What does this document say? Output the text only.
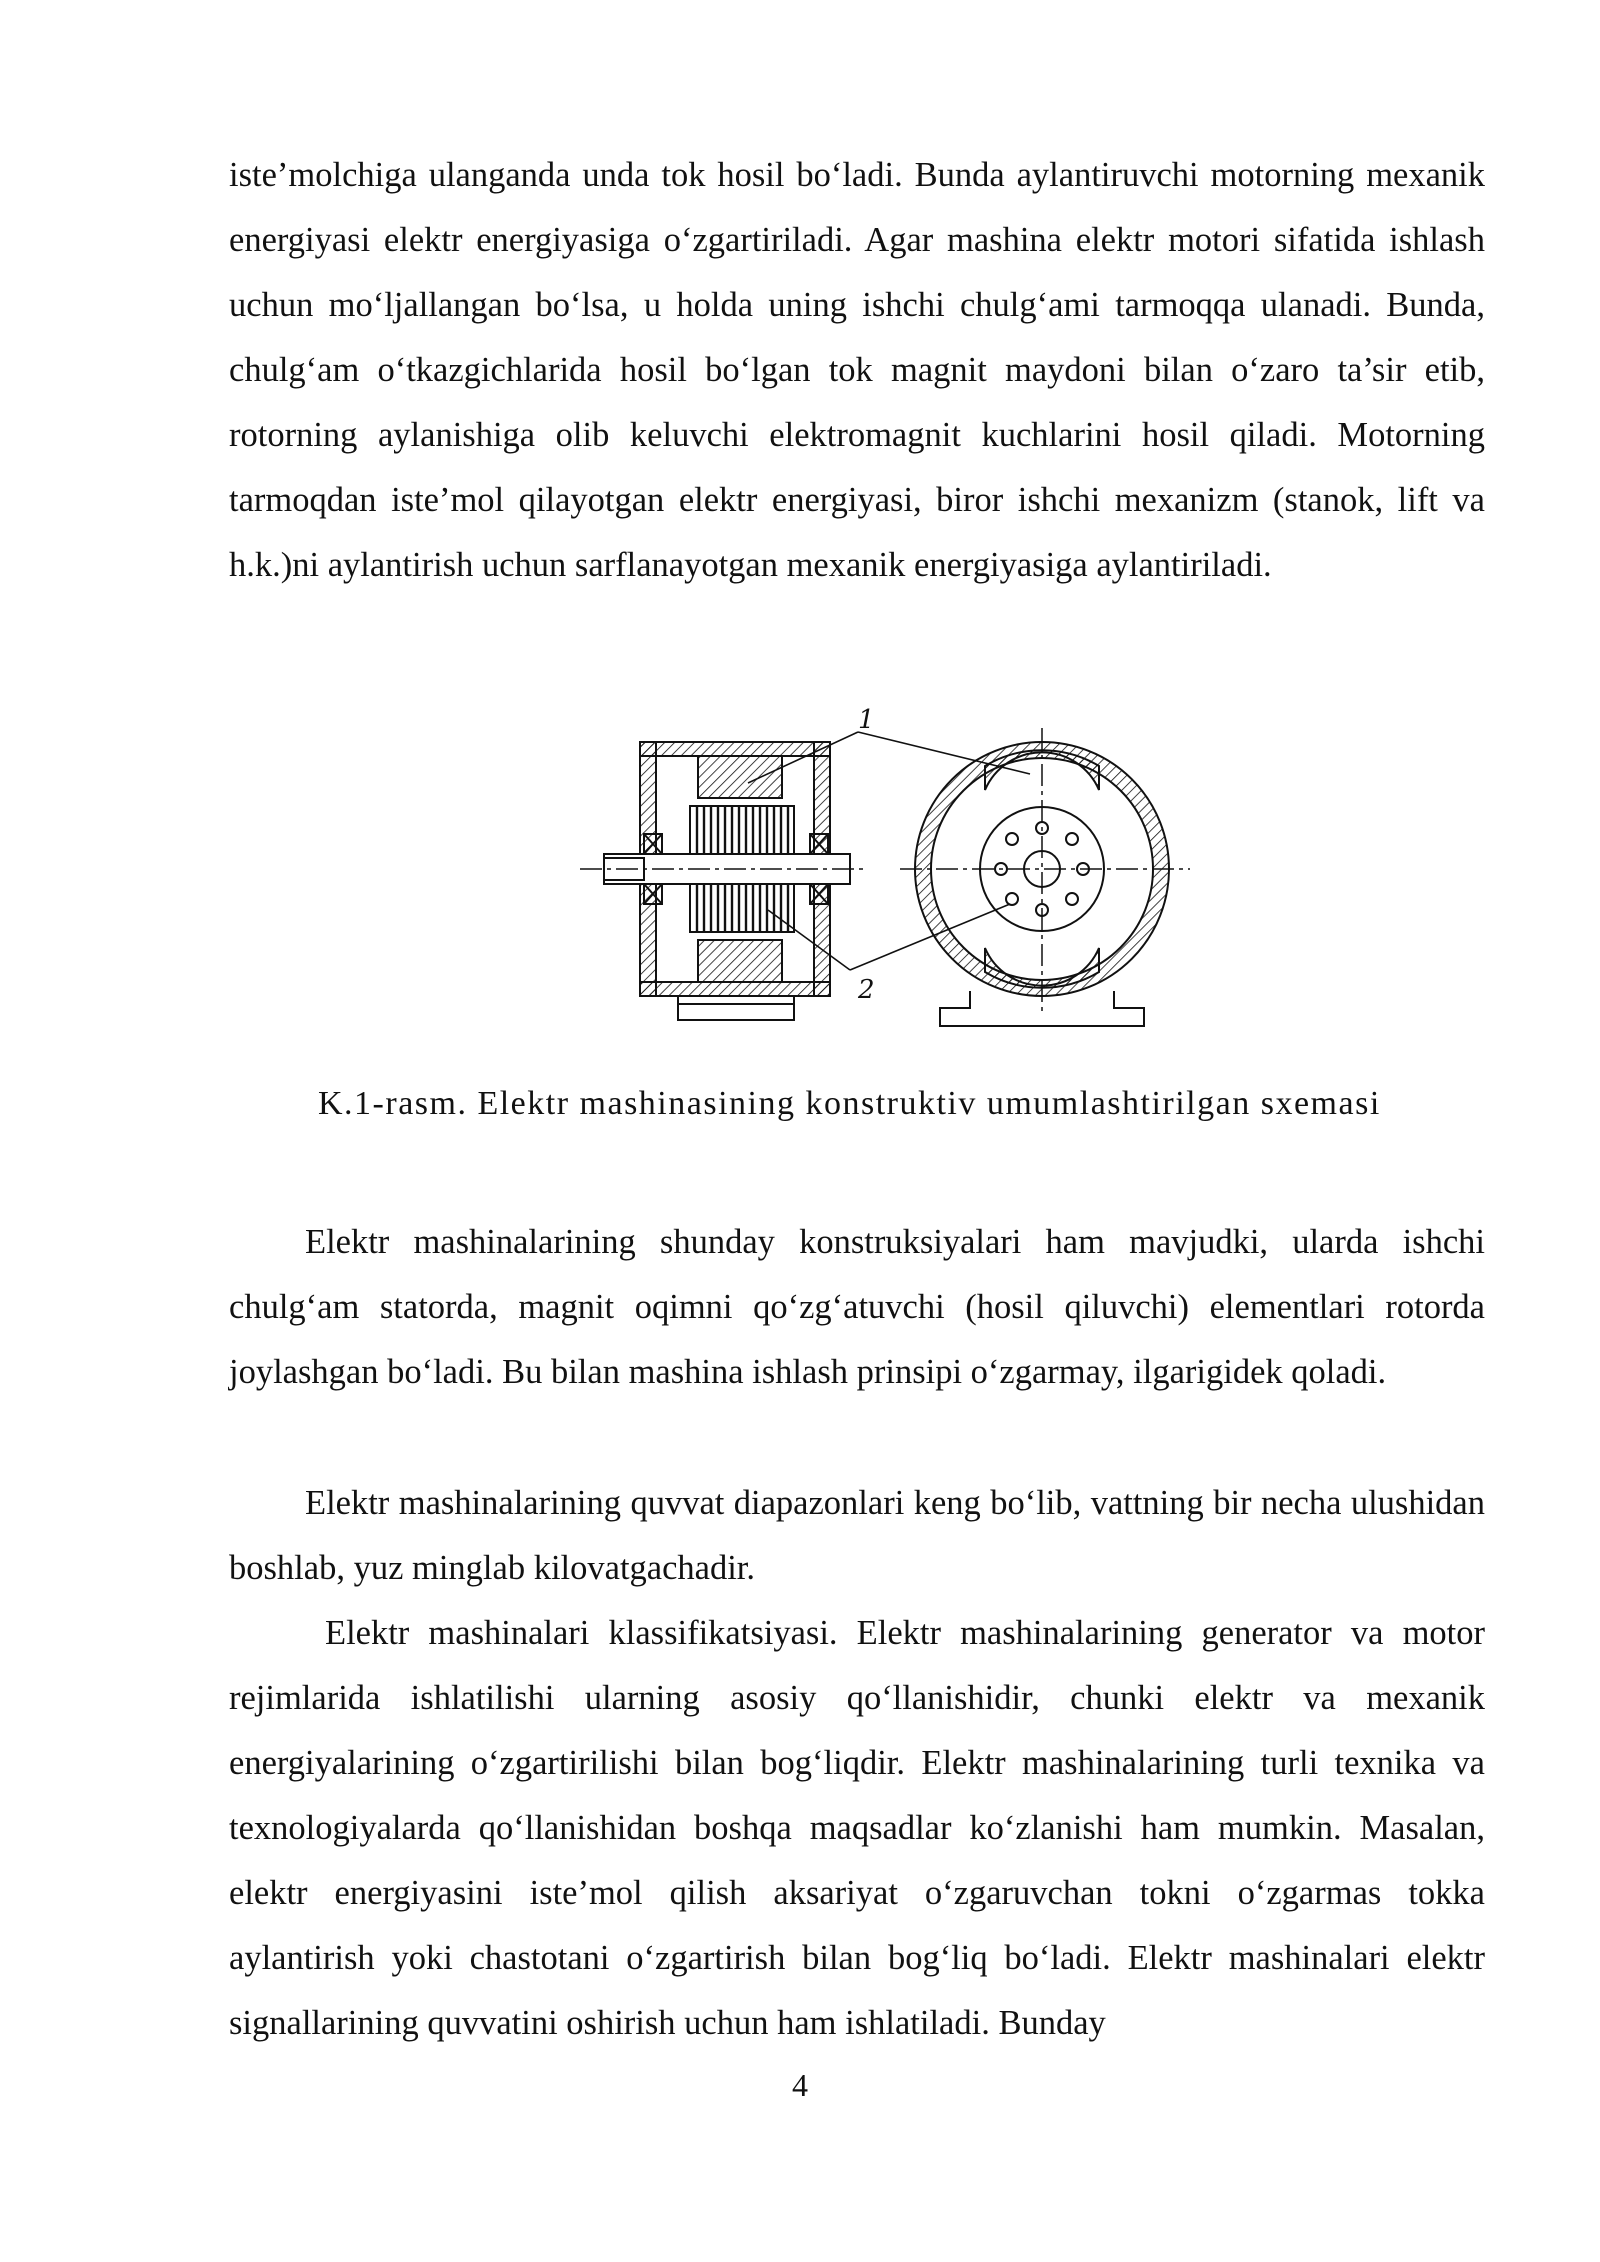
iste’molchiga ulanganda unda tok hosil bo‘ladi. Bunda aylantiruvchi motorning mexanik energiyasi elektr energiyasiga o‘zgartiriladi. Agar mashina elektr motori sifatida ishlash uchun mo‘ljallangan bo‘lsa, u holda uning ishchi chulg‘ami tarmoqqa ulanadi. Bunda, chulg‘am o‘tkazgichlarida hosil bo‘lgan tok magnit maydoni bilan o‘zaro ta’sir etib, rotorning aylanishiga olib keluvchi elektromagnit kuchlarini hosil qiladi. Motorning tarmoqdan iste’mol qilayotgan elektr energiyasi, biror ishchi mexanizm (stanok, lift va h.k.)ni aylantirish uchun sarflanayotgan mexanik energiyasiga aylantiriladi.

1
2

K.1-rasm. Elektr mashinasining konstruktiv umumlashtirilgan sxemasi

Elektr mashinalarining shunday konstruksiyalari ham mavjudki, ularda ishchi chulg‘am statorda, magnit oqimni qo‘zg‘atuvchi (hosil qiluvchi) elementlari rotorda joylashgan bo‘ladi. Bu bilan mashina ishlash prinsipi o‘zgarmay, ilgarigidek qoladi.

Elektr mashinalarining quvvat diapazonlari keng bo‘lib, vattning bir necha ulushidan boshlab, yuz minglab kilovatgachadir.

Elektr mashinalari klassifikatsiyasi. Elektr mashinalarining generator va motor rejimlarida ishlatilishi ularning asosiy qo‘llanishidir, chunki elektr va mexanik energiyalarining o‘zgartirilishi bilan bog‘liqdir. Elektr mashinalarining turli texnika va texnologiyalarda qo‘llanishidan boshqa maqsadlar ko‘zlanishi ham mumkin. Masalan, elektr energiyasini iste’mol qilish aksariyat o‘zgaruvchan tokni o‘zgarmas tokka aylantirish yoki chastotani o‘zgartirish bilan bog‘liq bo‘ladi. Elektr mashinalari elektr signallarining quvvatini oshirish uchun ham ishlatiladi. Bunday

4
